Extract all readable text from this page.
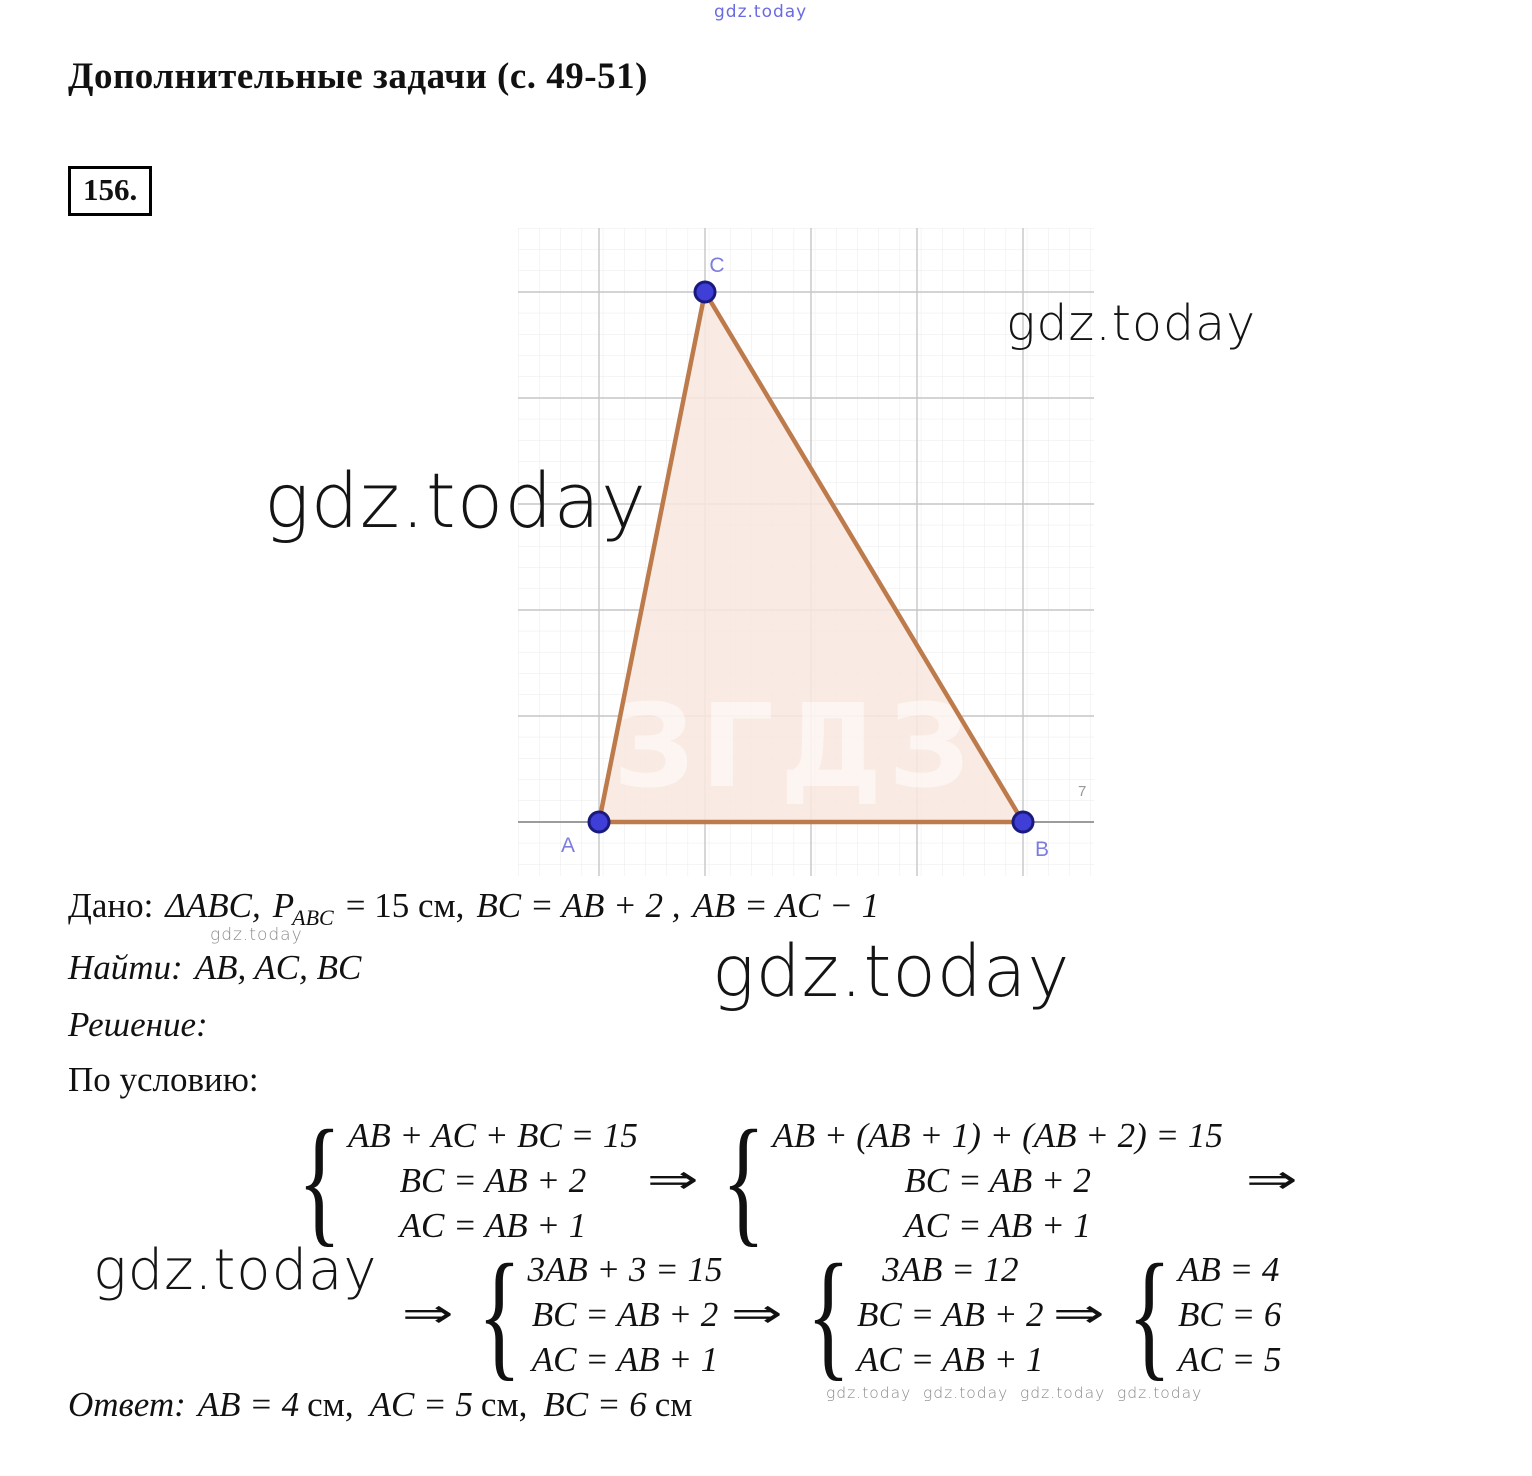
gdz.today
Дополнительные задачи (с. 49-51)
156.
ЗГДЗ
A	B
C
7
gdz.today
gdz.today
Дано: ΔABC, $P_{ABC} = 15$ см, BC = AB + 2 , AB = AC − 1
gdz.today
Найти: AB, AC, BC	gdz.today
Решение:
По условию:
{ AB + AC + BC = 15
BC = AB + 2
AC = AB + 1
⇒ { AB + (AB + 1) + (AB + 2) = 15
BC = AB + 2
AC = AB + 1
⇒
gdz.today
⇒ { 3AB + 3 = 15
BC = AB + 2
AC = AB + 1
⇒ { 3AB = 12
BC = AB + 2
AC = AB + 1
⇒ { AB = 4
BC = 6
AC = 5
Ответ: AB = 4 см, AC = 5 см, BC = 6 см	gdz.today gdz.today gdz.today gdz.today
